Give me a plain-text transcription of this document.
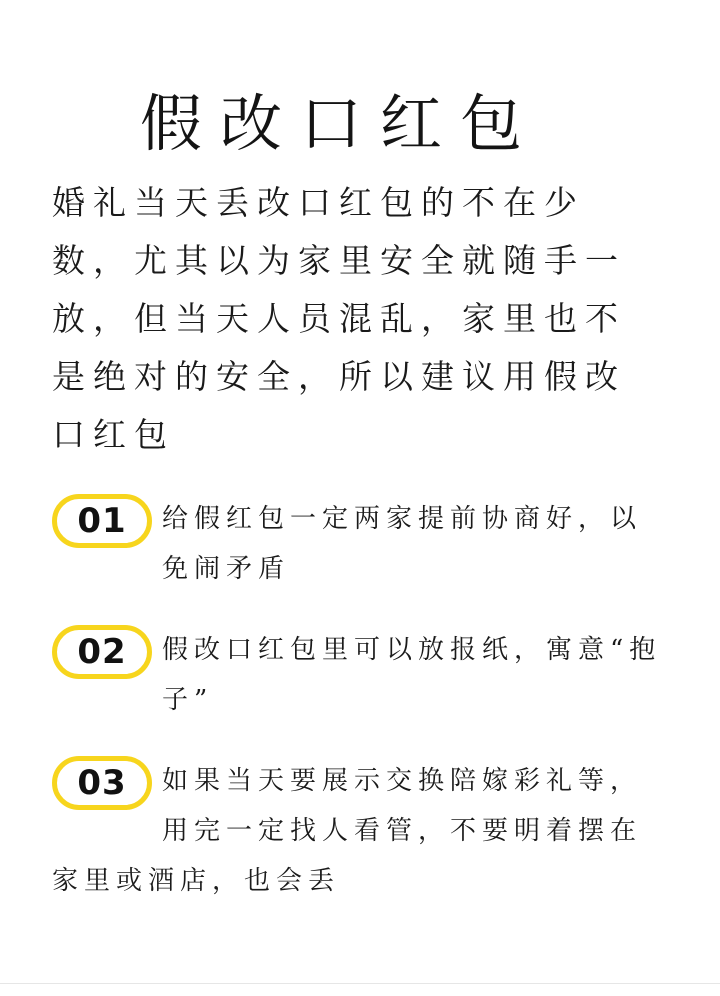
假改口红包
婚礼当天丢改口红包的不在少数，尤其以为家里安全就随手一放，但当天人员混乱，家里也不是绝对的安全，所以建议用假改口红包
01	给假红包一定两家提前协商好，以免闹矛盾
02	假改口红包里可以放报纸，寓意“抱子”
03	如果当天要展示交换陪嫁彩礼等，用完一定找人看管，不要明着摆在家里或酒店，也会丢
